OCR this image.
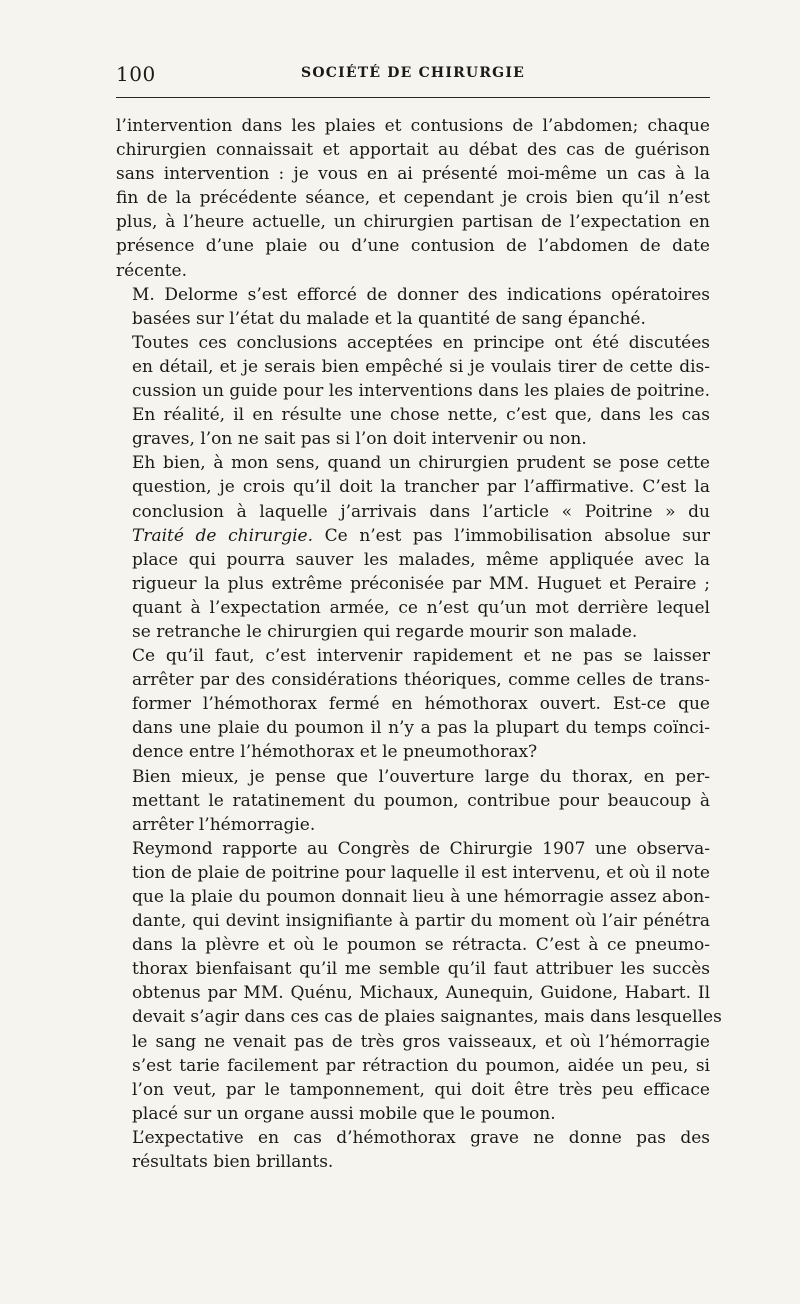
100	SOCIÉTÉ DE CHIRURGIE

l’intervention dans les plaies et contusions de l’abdomen; chaque
chirurgien connaissait et apportait au débat des cas de guérison
sans intervention : je vous en ai présenté moi-même un cas à la
fin de la précédente séance, et cependant je crois bien qu’il n’est
plus, à l’heure actuelle, un chirurgien partisan de l’expectation en
présence d’une plaie ou d’une contusion de l’abdomen de date
récente.

M. Delorme s’est efforcé de donner des indications opératoires
basées sur l’état du malade et la quantité de sang épanché.

Toutes ces conclusions acceptées en principe ont été discutées
en détail, et je serais bien empêché si je voulais tirer de cette dis-
cussion un guide pour les interventions dans les plaies de poitrine.
En réalité, il en résulte une chose nette, c’est que, dans les cas
graves, l’on ne sait pas si l’on doit intervenir ou non.

Eh bien, à mon sens, quand un chirurgien prudent se pose cette
question, je crois qu’il doit la trancher par l’affirmative. C’est la
conclusion à laquelle j’arrivais dans l’article « Poitrine » du
Traité de chirurgie. Ce n’est pas l’immobilisation absolue sur
place qui pourra sauver les malades, même appliquée avec la
rigueur la plus extrême préconisée par MM. Huguet et Peraire ;
quant à l’expectation armée, ce n’est qu’un mot derrière lequel
se retranche le chirurgien qui regarde mourir son malade.

Ce qu’il faut, c’est intervenir rapidement et ne pas se laisser
arrêter par des considérations théoriques, comme celles de trans-
former l’hémothorax fermé en hémothorax ouvert. Est-ce que
dans une plaie du poumon il n’y a pas la plupart du temps coïnci-
dence entre l’hémothorax et le pneumothorax?

Bien mieux, je pense que l’ouverture large du thorax, en per-
mettant le ratatinement du poumon, contribue pour beaucoup à
arrêter l’hémorragie.

Reymond rapporte au Congrès de Chirurgie 1907 une observa-
tion de plaie de poitrine pour laquelle il est intervenu, et où il note
que la plaie du poumon donnait lieu à une hémorragie assez abon-
dante, qui devint insignifiante à partir du moment où l’air pénétra
dans la plèvre et où le poumon se rétracta. C’est à ce pneumo-
thorax bienfaisant qu’il me semble qu’il faut attribuer les succès
obtenus par MM. Quénu, Michaux, Aunequin, Guidone, Habart. Il
devait s’agir dans ces cas de plaies saignantes, mais dans lesquelles
le sang ne venait pas de très gros vaisseaux, et où l’hémorragie
s’est tarie facilement par rétraction du poumon, aidée un peu, si
l’on veut, par le tamponnement, qui doit être très peu efficace
placé sur un organe aussi mobile que le poumon.

L’expectative en cas d’hémothorax grave ne donne pas des
résultats bien brillants.
